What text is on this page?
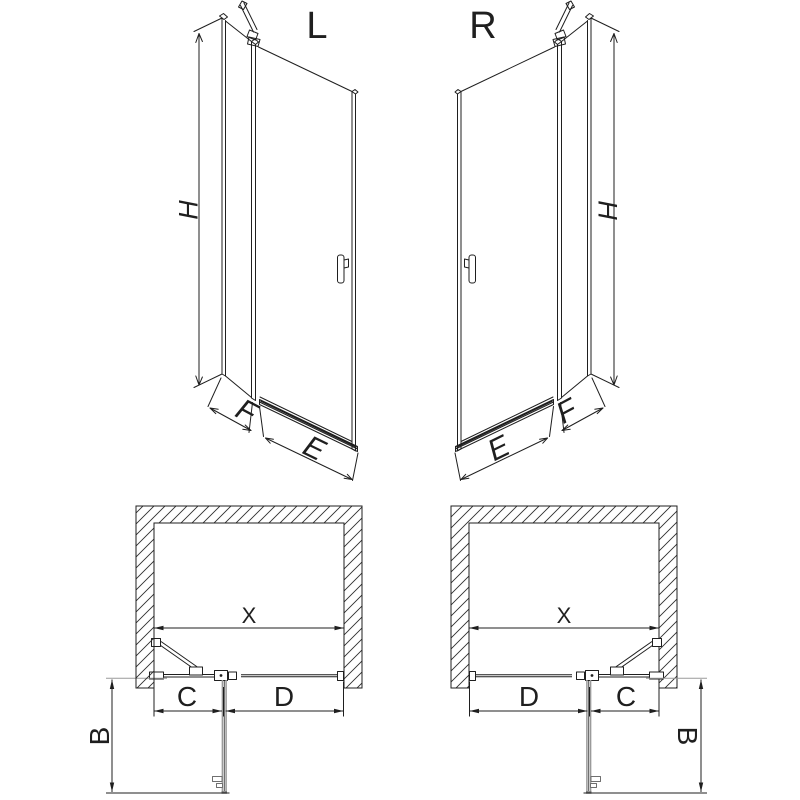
L	R
H	H
F
E
F
E
X	X
C	D	D	C
B	B
